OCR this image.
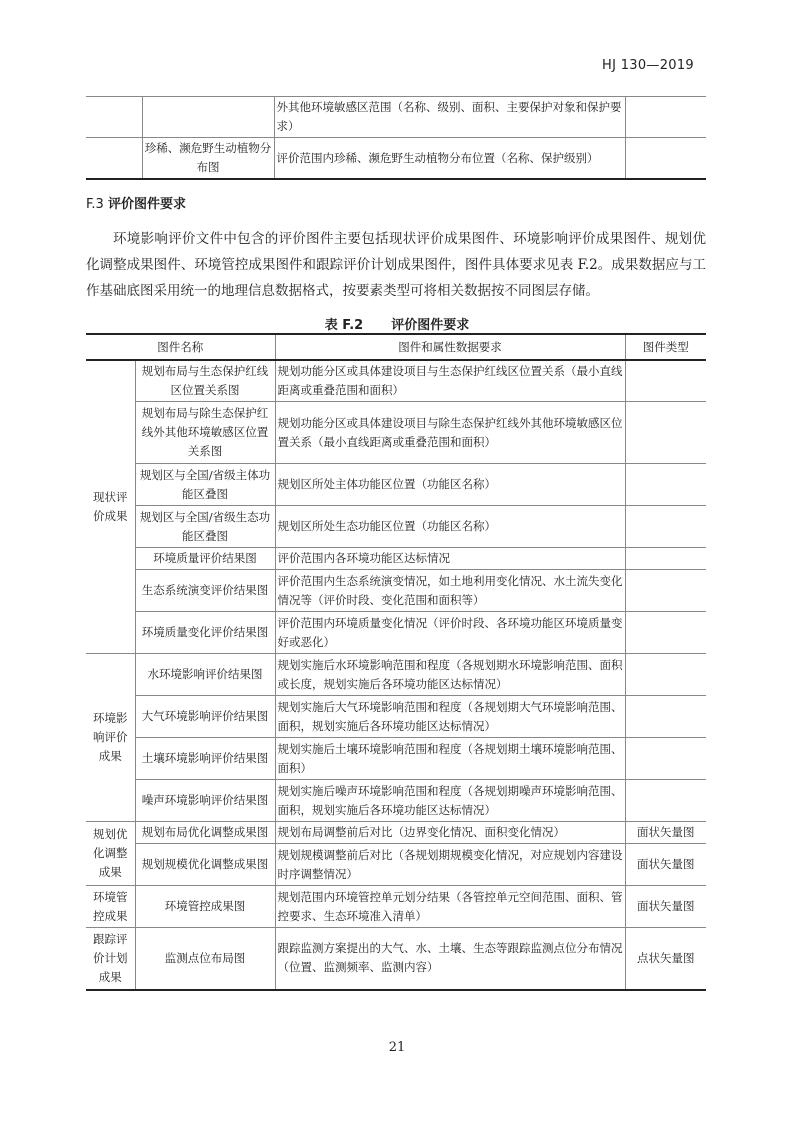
HJ 130—2019
		外其他环境敏感区范围（名称、级别、面积、主要保护对象和保护要求）	
	珍稀、濒危野生动植物分布图	评价范围内珍稀、濒危野生动植物分布位置（名称、保护级别）	
F.3 评价图件要求
环境影响评价文件中包含的评价图件主要包括现状评价成果图件、环境影响评价成果图件、规划优化调整成果图件、环境管控成果图件和跟踪评价计划成果图件，图件具体要求见表 F.2。成果数据应与工作基础底图采用统一的地理信息数据格式，按要素类型可将相关数据按不同图层存储。
表 F.2 评价图件要求
图件名称		图件和属性数据要求	图件类型
现状评价成果	规划布局与生态保护红线区位置关系图	规划功能分区或具体建设项目与生态保护红线区位置关系（最小直线距离或重叠范围和面积）	
	规划布局与除生态保护红线外其他环境敏感区位置关系图	规划功能分区或具体建设项目与除生态保护红线外其他环境敏感区位置关系（最小直线距离或重叠范围和面积）	
	规划区与全国/省级主体功能区叠图	规划区所处主体功能区位置（功能区名称）	
	规划区与全国/省级生态功能区叠图	规划区所处生态功能区位置（功能区名称）	
	环境质量评价结果图	评价范围内各环境功能区达标情况	
	生态系统演变评价结果图	评价范围内生态系统演变情况，如土地利用变化情况、水土流失变化情况等（评价时段、变化范围和面积等）	
	环境质量变化评价结果图	评价范围内环境质量变化情况（评价时段、各环境功能区环境质量变好或恶化）	
环境影响评价成果	水环境影响评价结果图	规划实施后水环境影响范围和程度（各规划期水环境影响范围、面积或长度，规划实施后各环境功能区达标情况）	
	大气环境影响评价结果图	规划实施后大气环境影响范围和程度（各规划期大气环境影响范围、面积，规划实施后各环境功能区达标情况）	
	土壤环境影响评价结果图	规划实施后土壤环境影响范围和程度（各规划期土壤环境影响范围、面积）	
	噪声环境影响评价结果图	规划实施后噪声环境影响范围和程度（各规划期噪声环境影响范围、面积，规划实施后各环境功能区达标情况）	
规划优化调整成果	规划布局优化调整成果图	规划布局调整前后对比（边界变化情况、面积变化情况）	面状矢量图
	规划规模优化调整成果图	规划规模调整前后对比（各规划期规模变化情况，对应规划内容建设时序调整情况）	面状矢量图
环境管控成果	环境管控成果图	规划范围内环境管控单元划分结果（各管控单元空间范围、面积、管控要求、生态环境准入清单）	面状矢量图
跟踪评价计划成果	监测点位布局图	跟踪监测方案提出的大气、水、土壤、生态等跟踪监测点位分布情况（位置、监测频率、监测内容）	点状矢量图
21
